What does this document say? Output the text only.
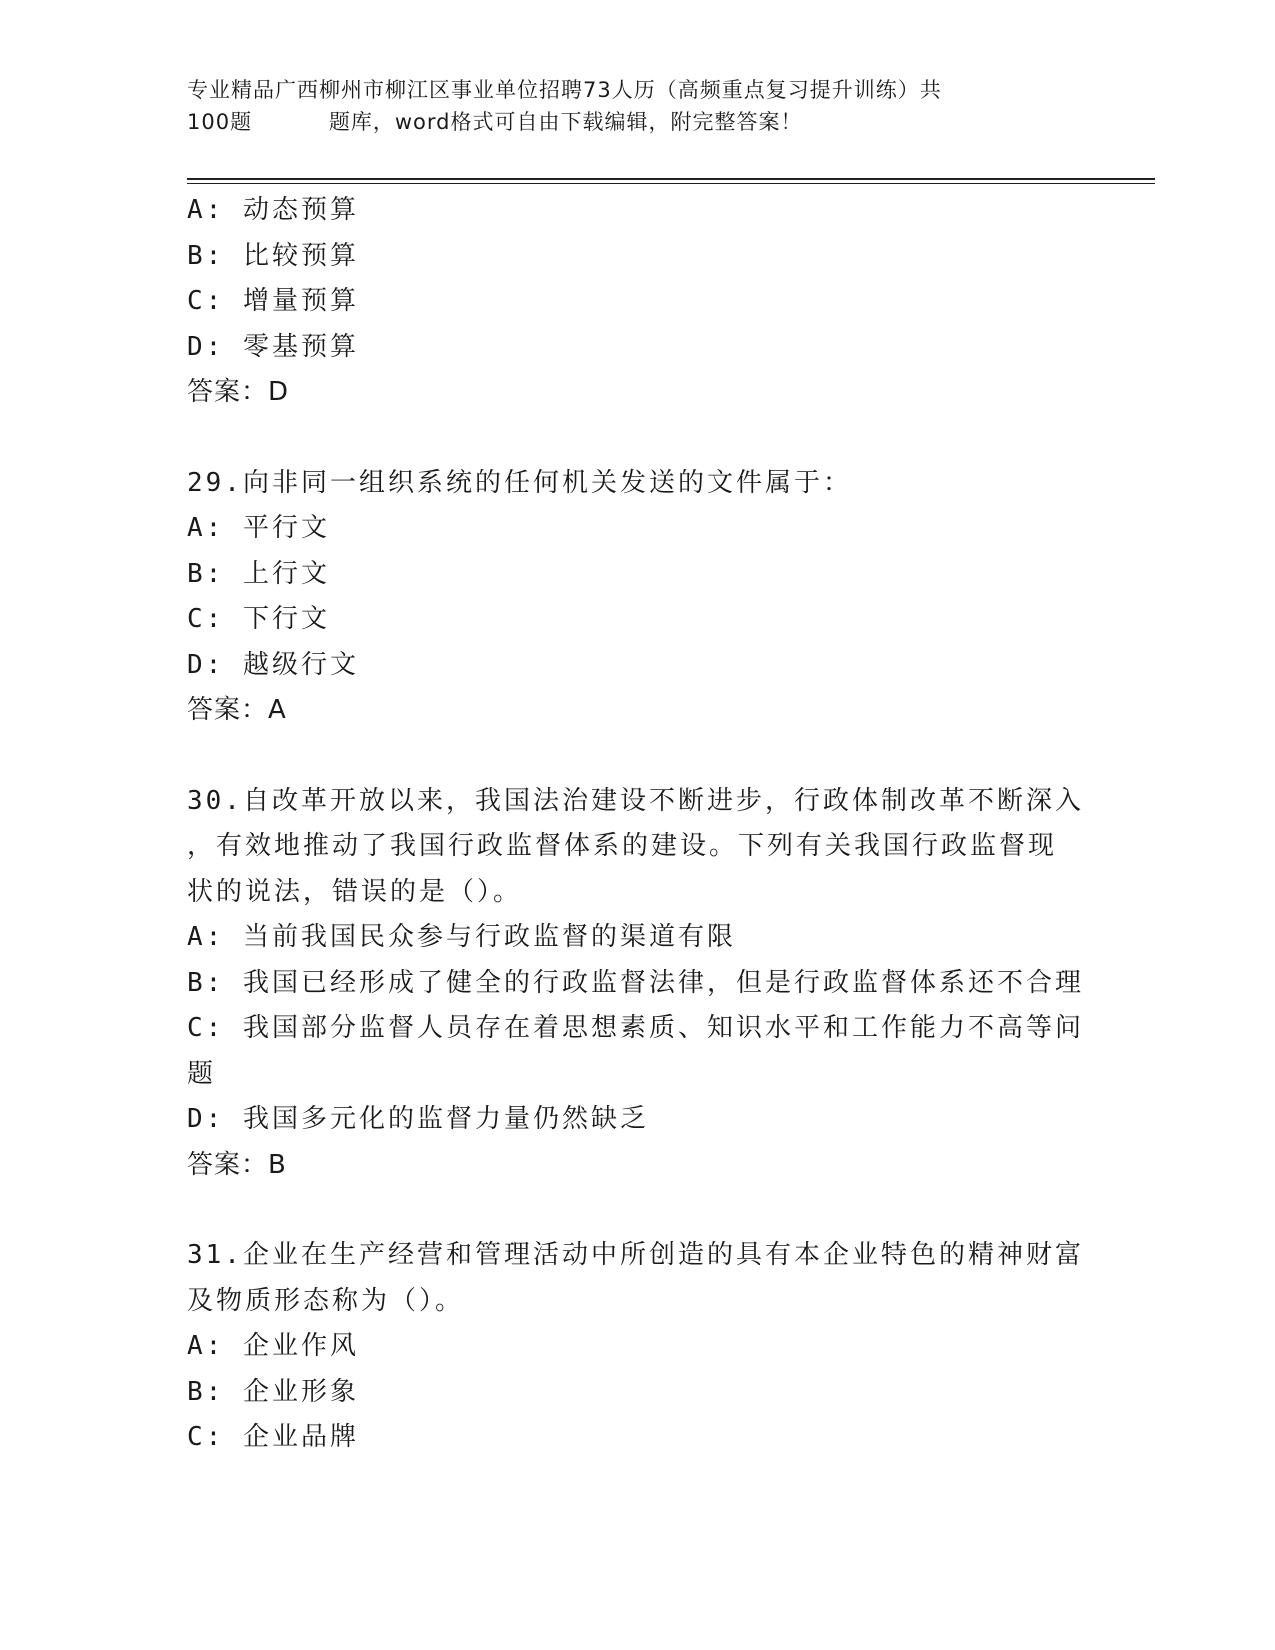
专业精品广西柳州市柳江区事业单位招聘73人历（高频重点复习提升训练）共
100题	题库，word格式可自由下载编辑，附完整答案！
A: 动态预算
B: 比较预算
C: 增量预算
D: 零基预算
答案：D
29.向非同一组织系统的任何机关发送的文件属于：
A: 平行文
B: 上行文
C: 下行文
D: 越级行文
答案：A
30.自改革开放以来，我国法治建设不断进步，行政体制改革不断深入
，有效地推动了我国行政监督体系的建设。下列有关我国行政监督现
状的说法，错误的是（）。
A: 当前我国民众参与行政监督的渠道有限
B: 我国已经形成了健全的行政监督法律，但是行政监督体系还不合理
C: 我国部分监督人员存在着思想素质、知识水平和工作能力不高等问
题
D: 我国多元化的监督力量仍然缺乏
答案：B
31.企业在生产经营和管理活动中所创造的具有本企业特色的精神财富
及物质形态称为（）。
A: 企业作风
B: 企业形象
C: 企业品牌
